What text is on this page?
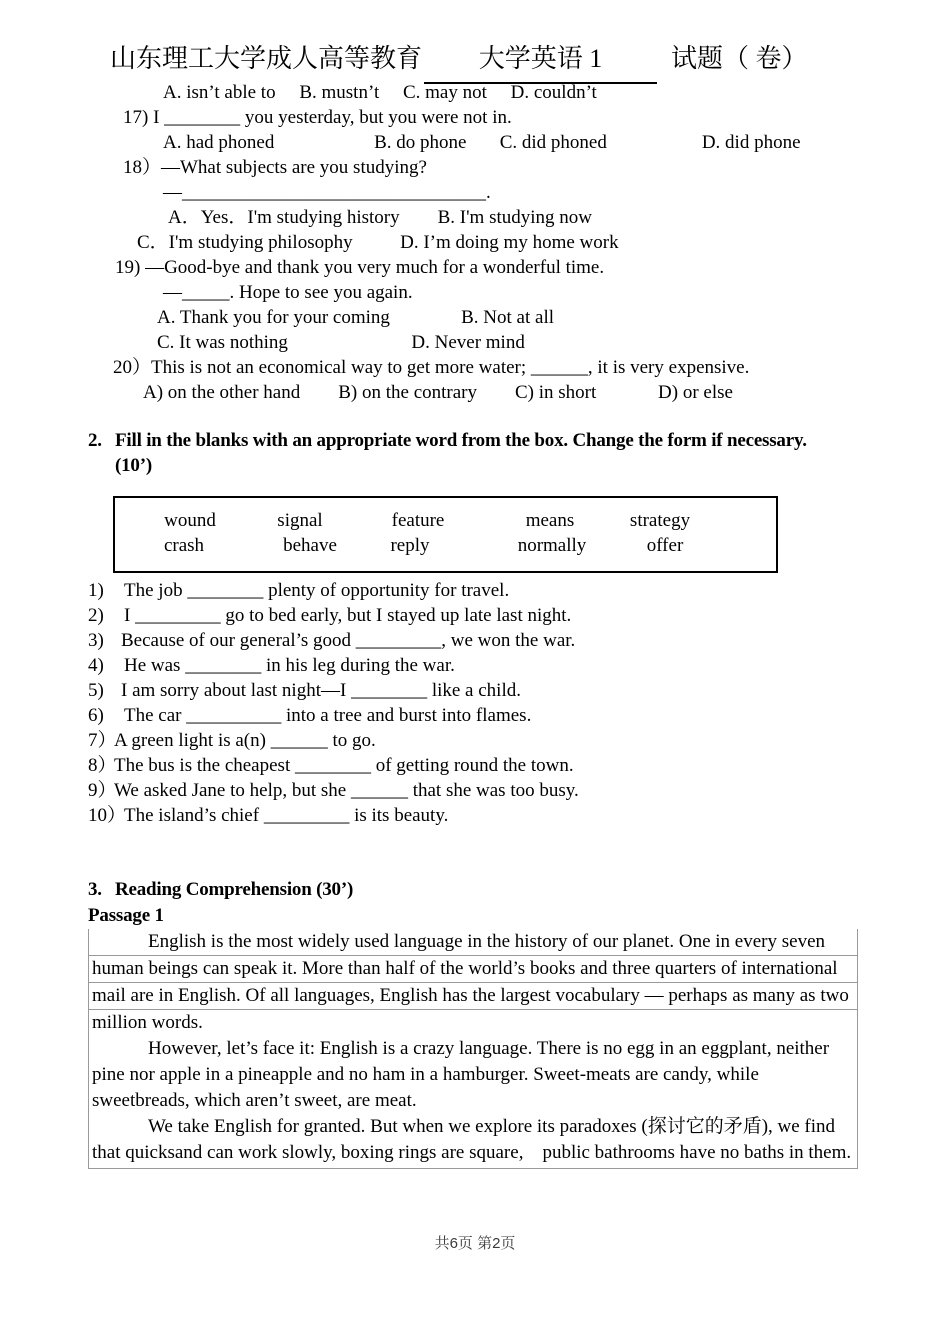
山东理工大学成人高等教育 大学英语 1	试题（ 卷）
A. isn’t able to     B. mustn’t     C. may not     D. couldn’t
17) I ________ you yesterday, but you were not in.
A. had phoned                     B. do phone       C. did phoned                    D. did phone
18）—What subjects are you studying?
—________________________________.
A．Yes．I'm studying history        B. I'm studying now
C．I'm studying philosophy          D. I’m doing my home work
19) —Good-bye and thank you very much for a wonderful time.
—_____. Hope to see you again.
A. Thank you for your coming               B. Not at all
C. It was nothing                          D. Never mind
20）This is not an economical way to get more water; ______, it is very expensive.
A) on the other hand        B) on the contrary        C) in short             D) or else
2. Fill in the blanks with an appropriate word from the box. Change the form if necessary.
(10’)
wound	signal	feature	means	strategy
crash	behave	reply	normally	offer
1) The job ________ plenty of opportunity for travel.
2) I _________ go to bed early, but I stayed up late last night.
3) Because of our general’s good _________, we won the war.
4) He was ________ in his leg during the war.
5) I am sorry about last night—I ________ like a child.
6) The car __________ into a tree and burst into flames.
7）
A green light is a(n) ______ to go.
8）
The bus is the cheapest ________ of getting round the town.
9）
We asked Jane to help, but she ______ that she was too busy.
10）
The island’s chief _________ is its beauty.
3. Reading Comprehension (30’)
Passage 1
English is the most widely used language in the history of our planet. One in every seven
human beings can speak it. More than half of the world’s books and three quarters of international
mail are in English. Of all languages, English has the largest vocabulary — perhaps as many as two
million words.
However, let’s face it: English is a crazy language. There is no egg in an eggplant, neither
pine nor apple in a pineapple and no ham in a hamburger. Sweet-meats are candy, while
sweetbreads, which aren’t sweet, are meat.
We take English for granted. But when we explore its paradoxes (探讨它的矛盾), we find
that quicksand can work slowly, boxing rings are square,    public bathrooms have no baths in them.
共6页 第2页
